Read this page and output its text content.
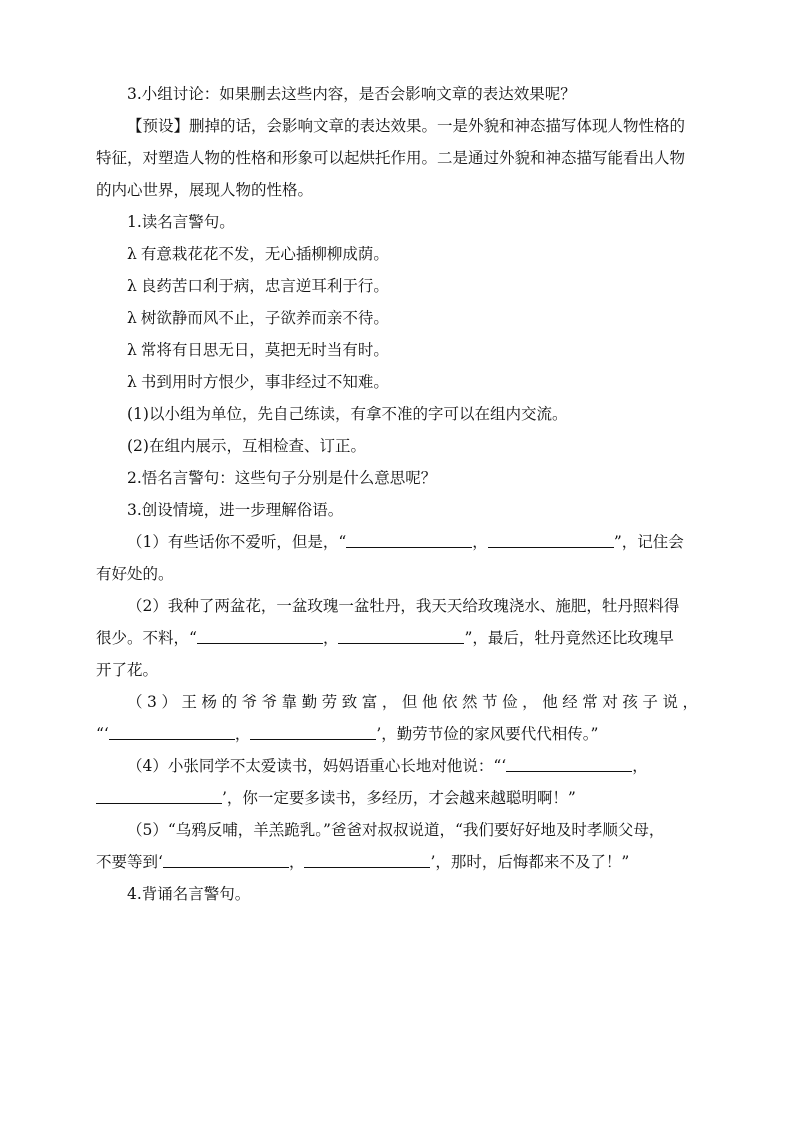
3.小组讨论：如果删去这些内容，是否会影响文章的表达效果呢？

【预设】删掉的话，会影响文章的表达效果。一是外貌和神态描写体现人物性格的

特征，对塑造人物的性格和形象可以起烘托作用。二是通过外貌和神态描写能看出人物

的内心世界，展现人物的性格。

1.读名言警句。

λ 有意栽花花不发，无心插柳柳成荫。

λ 良药苦口利于病，忠言逆耳利于行。

λ 树欲静而风不止，子欲养而亲不待。

λ 常将有日思无日，莫把无时当有时。

λ 书到用时方恨少，事非经过不知难。

(1)以小组为单位，先自己练读，有拿不准的字可以在组内交流。

(2)在组内展示，互相检查、订正。

2.悟名言警句：这些句子分别是什么意思呢？

3.创设情境，进一步理解俗语。

（1）有些话你不爱听，但是，“	，	”，记住会

有好处的。

（2）我种了两盆花，一盆玫瑰一盆牡丹，我天天给玫瑰浇水、施肥，牡丹照料得

很少。不料，“	，	”，最后，牡丹竟然还比玫瑰早

开了花。

（3）王杨的爷爷靠勤劳致富，但他依然节俭，他经常对孩子说，

“‘	，	’，勤劳节俭的家风要代代相传。”

（4）小张同学不太爱读书，妈妈语重心长地对他说：“‘	，

’，你一定要多读书，多经历，才会越来越聪明啊！”

（5）“乌鸦反哺，羊羔跪乳。”爸爸对叔叔说道，“我们要好好地及时孝顺父母，

不要等到‘	，	’，那时，后悔都来不及了！”

4.背诵名言警句。
